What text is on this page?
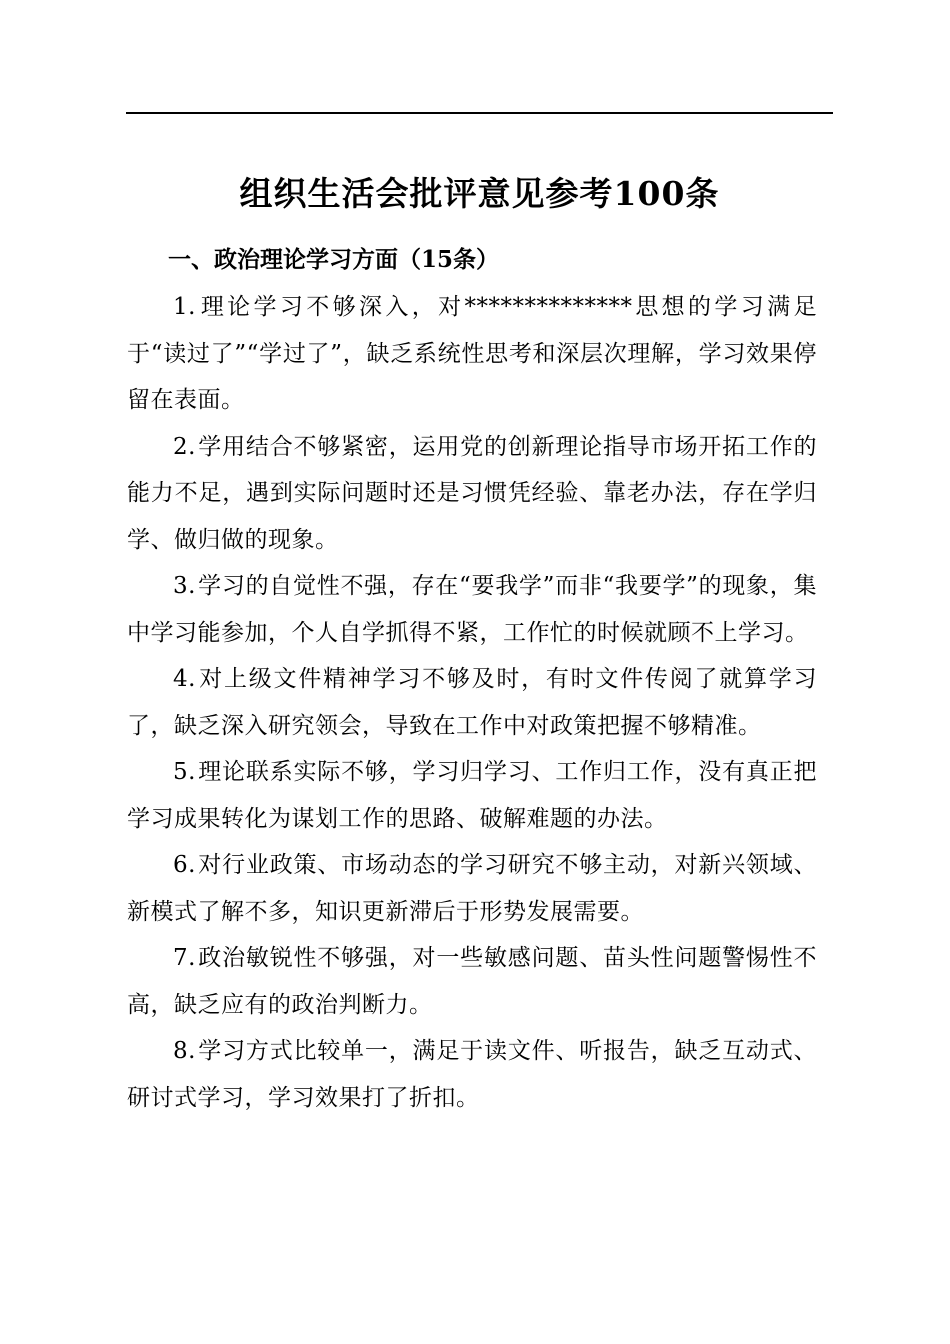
组织生活会批评意见参考100条
一、政治理论学习方面（15条）

1.理论学习不够深入，对**************思想的学习满足于“读过了”“学过了”，缺乏系统性思考和深层次理解，学习效果停留在表面。

2.学用结合不够紧密，运用党的创新理论指导市场开拓工作的能力不足，遇到实际问题时还是习惯凭经验、靠老办法，存在学归学、做归做的现象。

3.学习的自觉性不强，存在“要我学”而非“我要学”的现象，集中学习能参加，个人自学抓得不紧，工作忙的时候就顾不上学习。

4.对上级文件精神学习不够及时，有时文件传阅了就算学习了，缺乏深入研究领会，导致在工作中对政策把握不够精准。

5.理论联系实际不够，学习归学习、工作归工作，没有真正把学习成果转化为谋划工作的思路、破解难题的办法。

6.对行业政策、市场动态的学习研究不够主动，对新兴领域、新模式了解不多，知识更新滞后于形势发展需要。

7.政治敏锐性不够强，对一些敏感问题、苗头性问题警惕性不高，缺乏应有的政治判断力。

8.学习方式比较单一，满足于读文件、听报告，缺乏互动式、研讨式学习，学习效果打了折扣。
